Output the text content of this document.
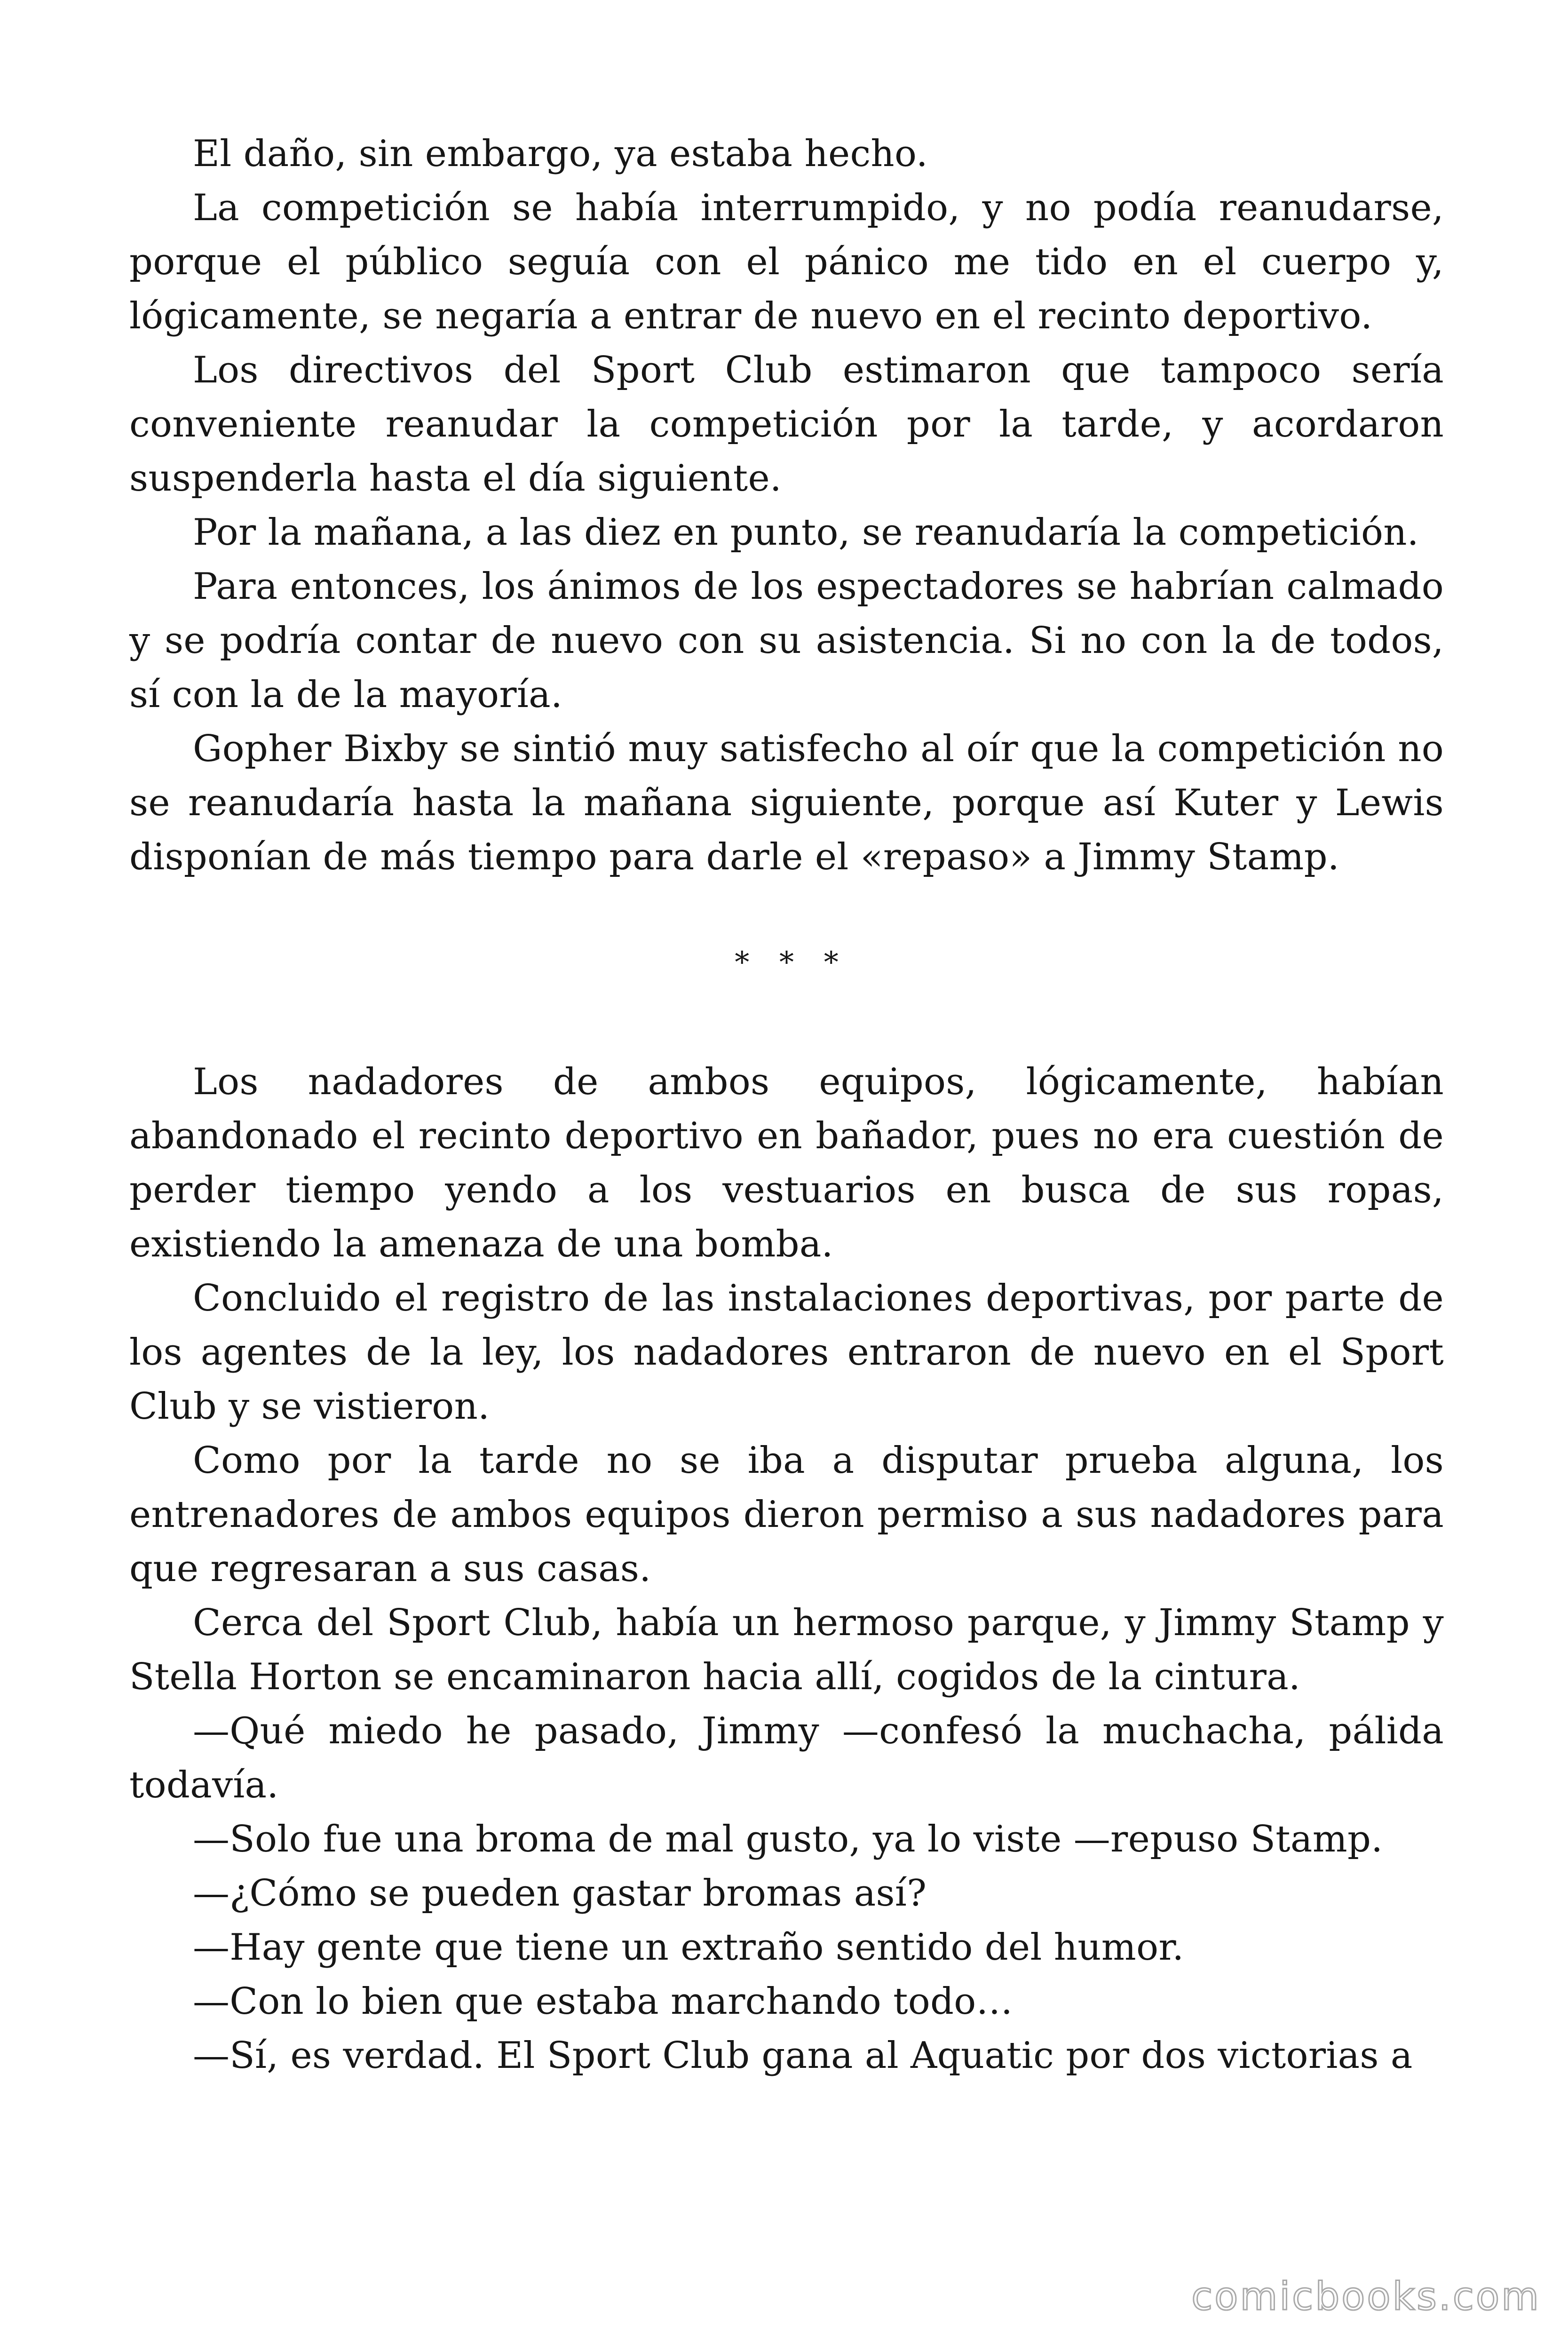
El daño, sin embargo, ya estaba hecho.

La competición se había interrumpido, y no podía reanudarse, porque el público seguía con el pánico me tido en el cuerpo y, lógicamente, se negaría a entrar de nuevo en el recinto deportivo.

Los directivos del Sport Club estimaron que tampoco sería conveniente reanudar la competición por la tarde, y acordaron suspenderla hasta el día siguiente.

Por la mañana, a las diez en punto, se reanudaría la competición.

Para entonces, los ánimos de los espectadores se habrían calmado y se podría contar de nuevo con su asistencia. Si no con la de todos, sí con la de la mayoría.

Gopher Bixby se sintió muy satisfecho al oír que la competición no se reanudaría hasta la mañana siguiente, porque así Kuter y Lewis disponían de más tiempo para darle el «repaso» a Jimmy Stamp.

* * *

Los nadadores de ambos equipos, lógicamente, habían abandonado el recinto deportivo en bañador, pues no era cuestión de perder tiempo yendo a los vestuarios en busca de sus ropas, existiendo la amenaza de una bomba.

Concluido el registro de las instalaciones deportivas, por parte de los agentes de la ley, los nadadores entraron de nuevo en el Sport Club y se vistieron.

Como por la tarde no se iba a disputar prueba alguna, los entrenadores de ambos equipos dieron permiso a sus nadadores para que regresaran a sus casas.

Cerca del Sport Club, había un hermoso parque, y Jimmy Stamp y Stella Horton se encaminaron hacia allí, cogidos de la cintura.

—Qué miedo he pasado, Jimmy —confesó la muchacha, pálida todavía.

—Solo fue una broma de mal gusto, ya lo viste —repuso Stamp.

—¿Cómo se pueden gastar bromas así?

—Hay gente que tiene un extraño sentido del humor.

—Con lo bien que estaba marchando todo…

—Sí, es verdad. El Sport Club gana al Aquatic por dos victorias a

comicbooks.com
